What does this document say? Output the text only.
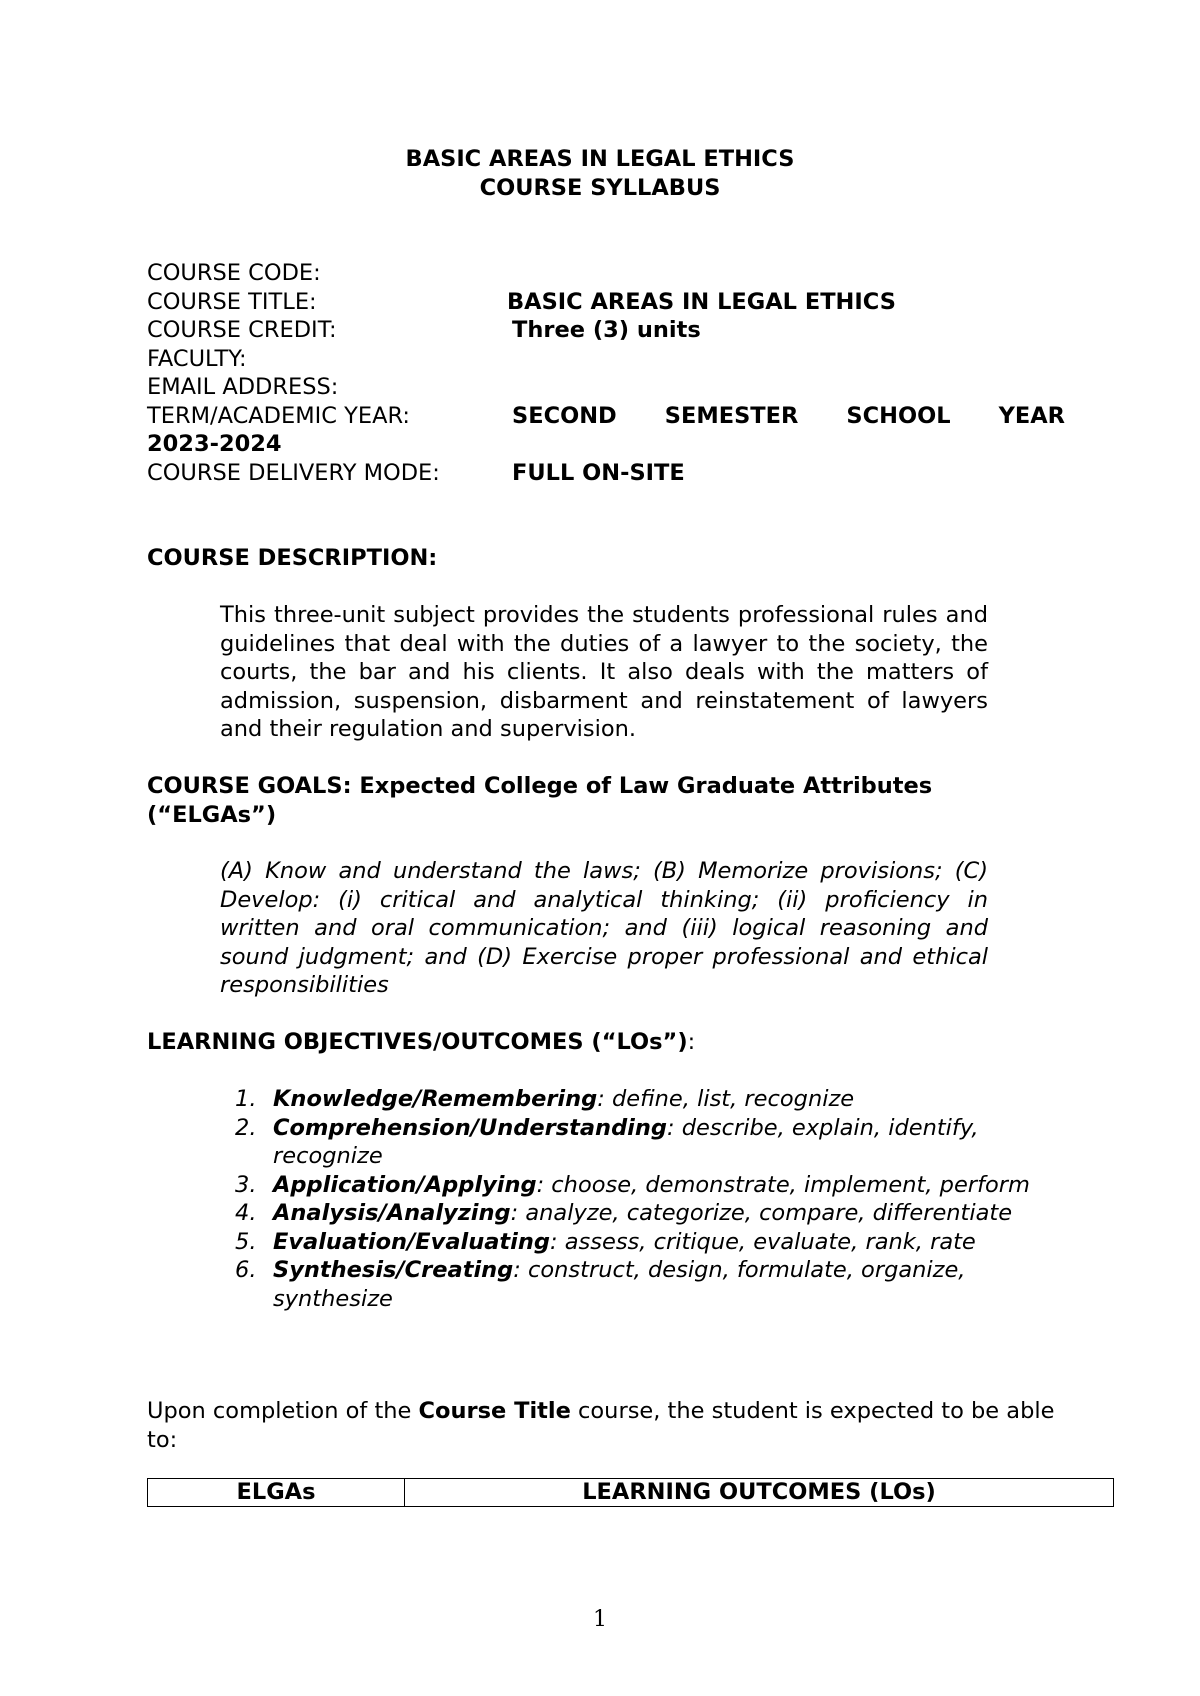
BASIC AREAS IN LEGAL ETHICS
COURSE SYLLABUS
COURSE CODE:
COURSE TITLE:	BASIC AREAS IN LEGAL ETHICS
COURSE CREDIT:	Three (3) units
FACULTY:
EMAIL ADDRESS:
TERM/ACADEMIC YEAR:	SECOND SEMESTER SCHOOL YEAR
2023-2024
COURSE DELIVERY MODE:	FULL ON-SITE
COURSE DESCRIPTION:
This three-unit subject provides the students professional rules and guidelines that deal with the duties of a lawyer to the society, the courts, the bar and his clients. It also deals with the matters of admission, suspension, disbarment and reinstatement of lawyers and their regulation and supervision.
COURSE GOALS: Expected College of Law Graduate Attributes
(“ELGAs”)
(A) Know and understand the laws; (B) Memorize provisions; (C) Develop: (i) critical and analytical thinking; (ii) proficiency in written and oral communication; and (iii) logical reasoning and sound judgment; and (D) Exercise proper professional and ethical responsibilities
LEARNING OBJECTIVES/OUTCOMES (“LOs”):
1. Knowledge/Remembering: define, list, recognize
2. Comprehension/Understanding: describe, explain, identify, recognize
3. Application/Applying: choose, demonstrate, implement, perform
4. Analysis/Analyzing: analyze, categorize, compare, differentiate
5. Evaluation/Evaluating: assess, critique, evaluate, rank, rate
6. Synthesis/Creating: construct, design, formulate, organize, synthesize
Upon completion of the Course Title course, the student is expected to be able to:
ELGAs	LEARNING OUTCOMES (LOs)
1
